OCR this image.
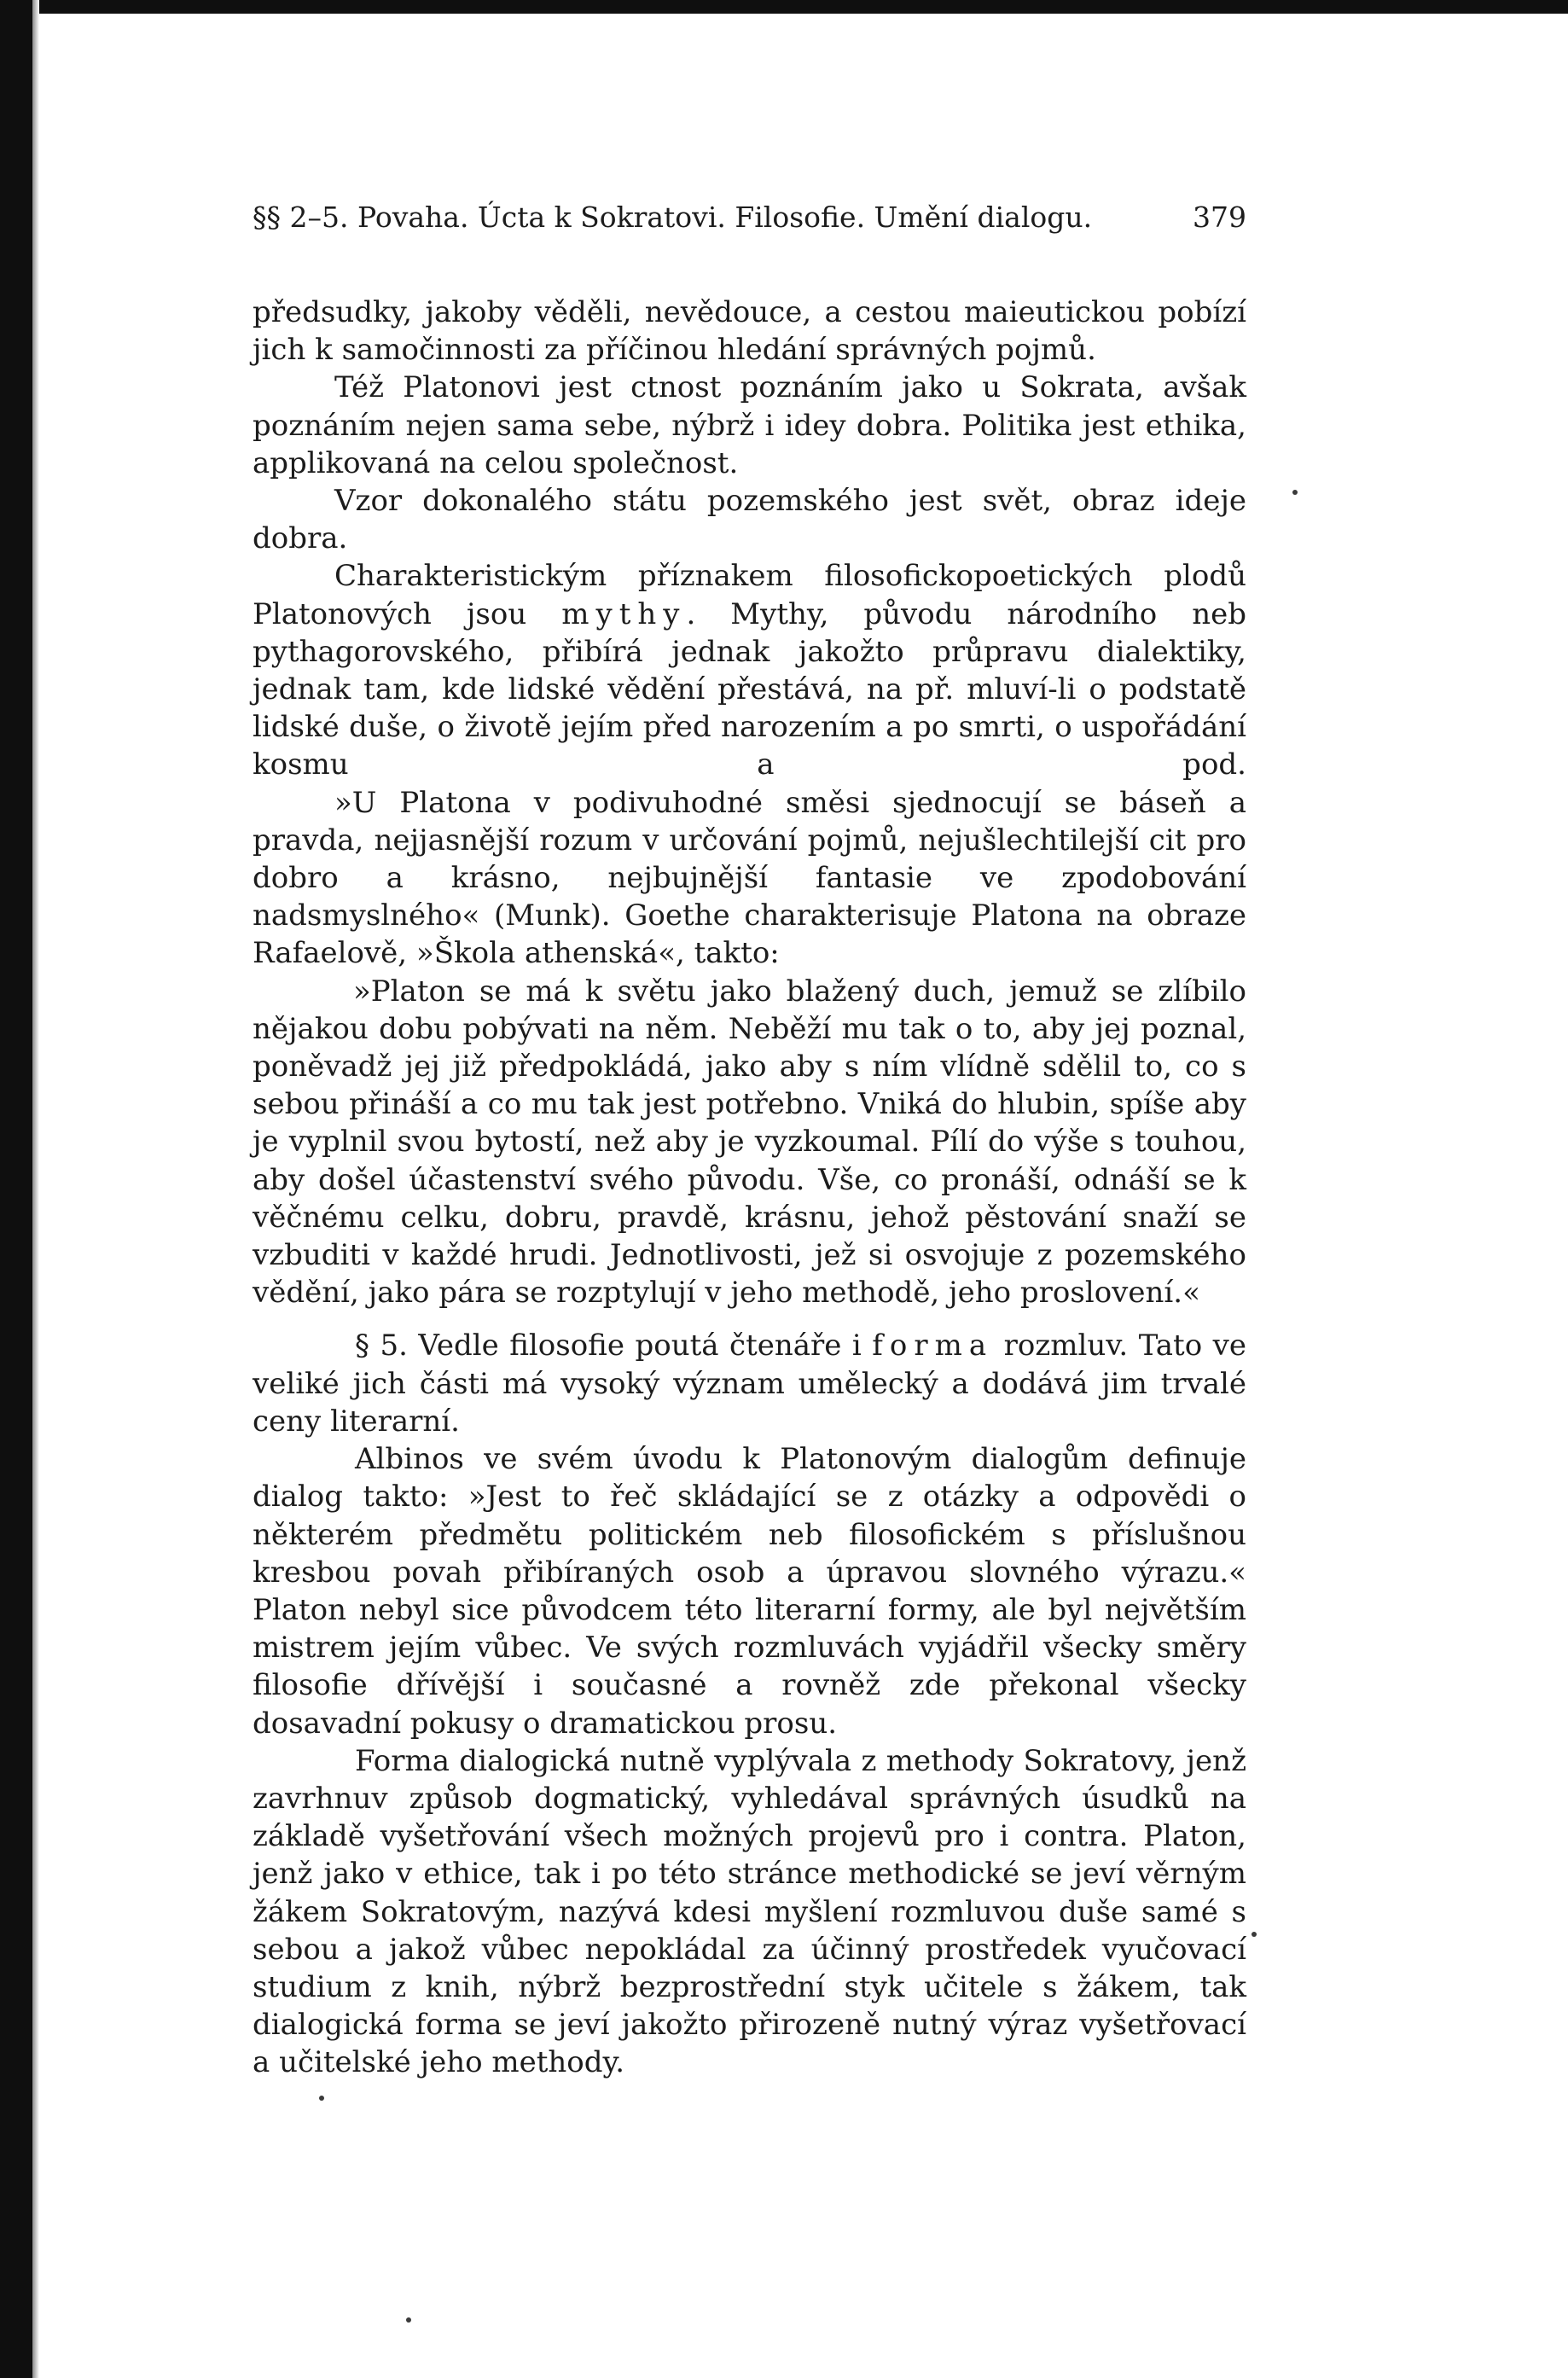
§§ 2–5. Povaha. Úcta k Sokratovi. Filosofie. Umění dialogu.	379

předsudky, jakoby věděli, nevědouce, a cestou maieutickou pobízí jich k samočinnosti za příčinou hledání správných pojmů.

Též Platonovi jest ctnost poznáním jako u Sokrata, avšak poznáním nejen sama sebe, nýbrž i idey dobra. Politika jest ethika, applikovaná na celou společnost.

Vzor dokonalého státu pozemského jest svět, obraz ideje dobra.

Charakteristickým příznakem filosofickopoetických plodů Platonových jsou mythy. Mythy, původu národního neb pythagorovského, přibírá jednak jakožto průpravu dialektiky, jednak tam, kde lidské vědění přestává, na př. mluví-li o podstatě lidské duše, o životě jejím před narozením a po smrti, o uspořádání kosmu a pod.

»U Platona v podivuhodné směsi sjednocují se báseň a pravda, nejjasnější rozum v určování pojmů, nejušlechtilejší cit pro dobro a krásno, nejbujnější fantasie ve zpodobování nadsmyslného« (Munk). Goethe charakterisuje Platona na obraze Rafaelově, »Škola athenská«, takto:

»Platon se má k světu jako blažený duch, jemuž se zlíbilo nějakou dobu pobývati na něm. Neběží mu tak o to, aby jej poznal, poněvadž jej již předpokládá, jako aby s ním vlídně sdělil to, co s sebou přináší a co mu tak jest potřebno. Vniká do hlubin, spíše aby je vyplnil svou bytostí, než aby je vyzkoumal. Pílí do výše s touhou, aby došel účastenství svého původu. Vše, co pronáší, odnáší se k věčnému celku, dobru, pravdě, krásnu, jehož pěstování snaží se vzbuditi v každé hrudi. Jednotlivosti, jež si osvojuje z pozemského vědění, jako pára se rozptylují v jeho methodě, jeho proslovení.«

§ 5. Vedle filosofie poutá čtenáře i forma rozmluv. Tato ve veliké jich části má vysoký význam umělecký a dodává jim trvalé ceny literarní.

Albinos ve svém úvodu k Platonovým dialogům definuje dialog takto: »Jest to řeč skládající se z otázky a odpovědi o některém předmětu politickém neb filosofickém s příslušnou kresbou povah přibíraných osob a úpravou slovného výrazu.« Platon nebyl sice původcem této literarní formy, ale byl největším mistrem jejím vůbec. Ve svých rozmluvách vyjádřil všecky směry filosofie dřívější i současné a rovněž zde překonal všecky dosavadní pokusy o dramatickou prosu.

Forma dialogická nutně vyplývala z methody Sokratovy, jenž zavrhnuv způsob dogmatický, vyhledával správných úsudků na základě vyšetřování všech možných projevů pro i contra. Platon, jenž jako v ethice, tak i po této stránce methodické se jeví věrným žákem Sokratovým, nazývá kdesi myšlení rozmluvou duše samé s sebou a jakož vůbec nepokládal za účinný prostředek vyučovací studium z knih, nýbrž bezprostřední styk učitele s žákem, tak dialogická forma se jeví jakožto přirozeně nutný výraz vyšetřovací a učitelské jeho methody.
